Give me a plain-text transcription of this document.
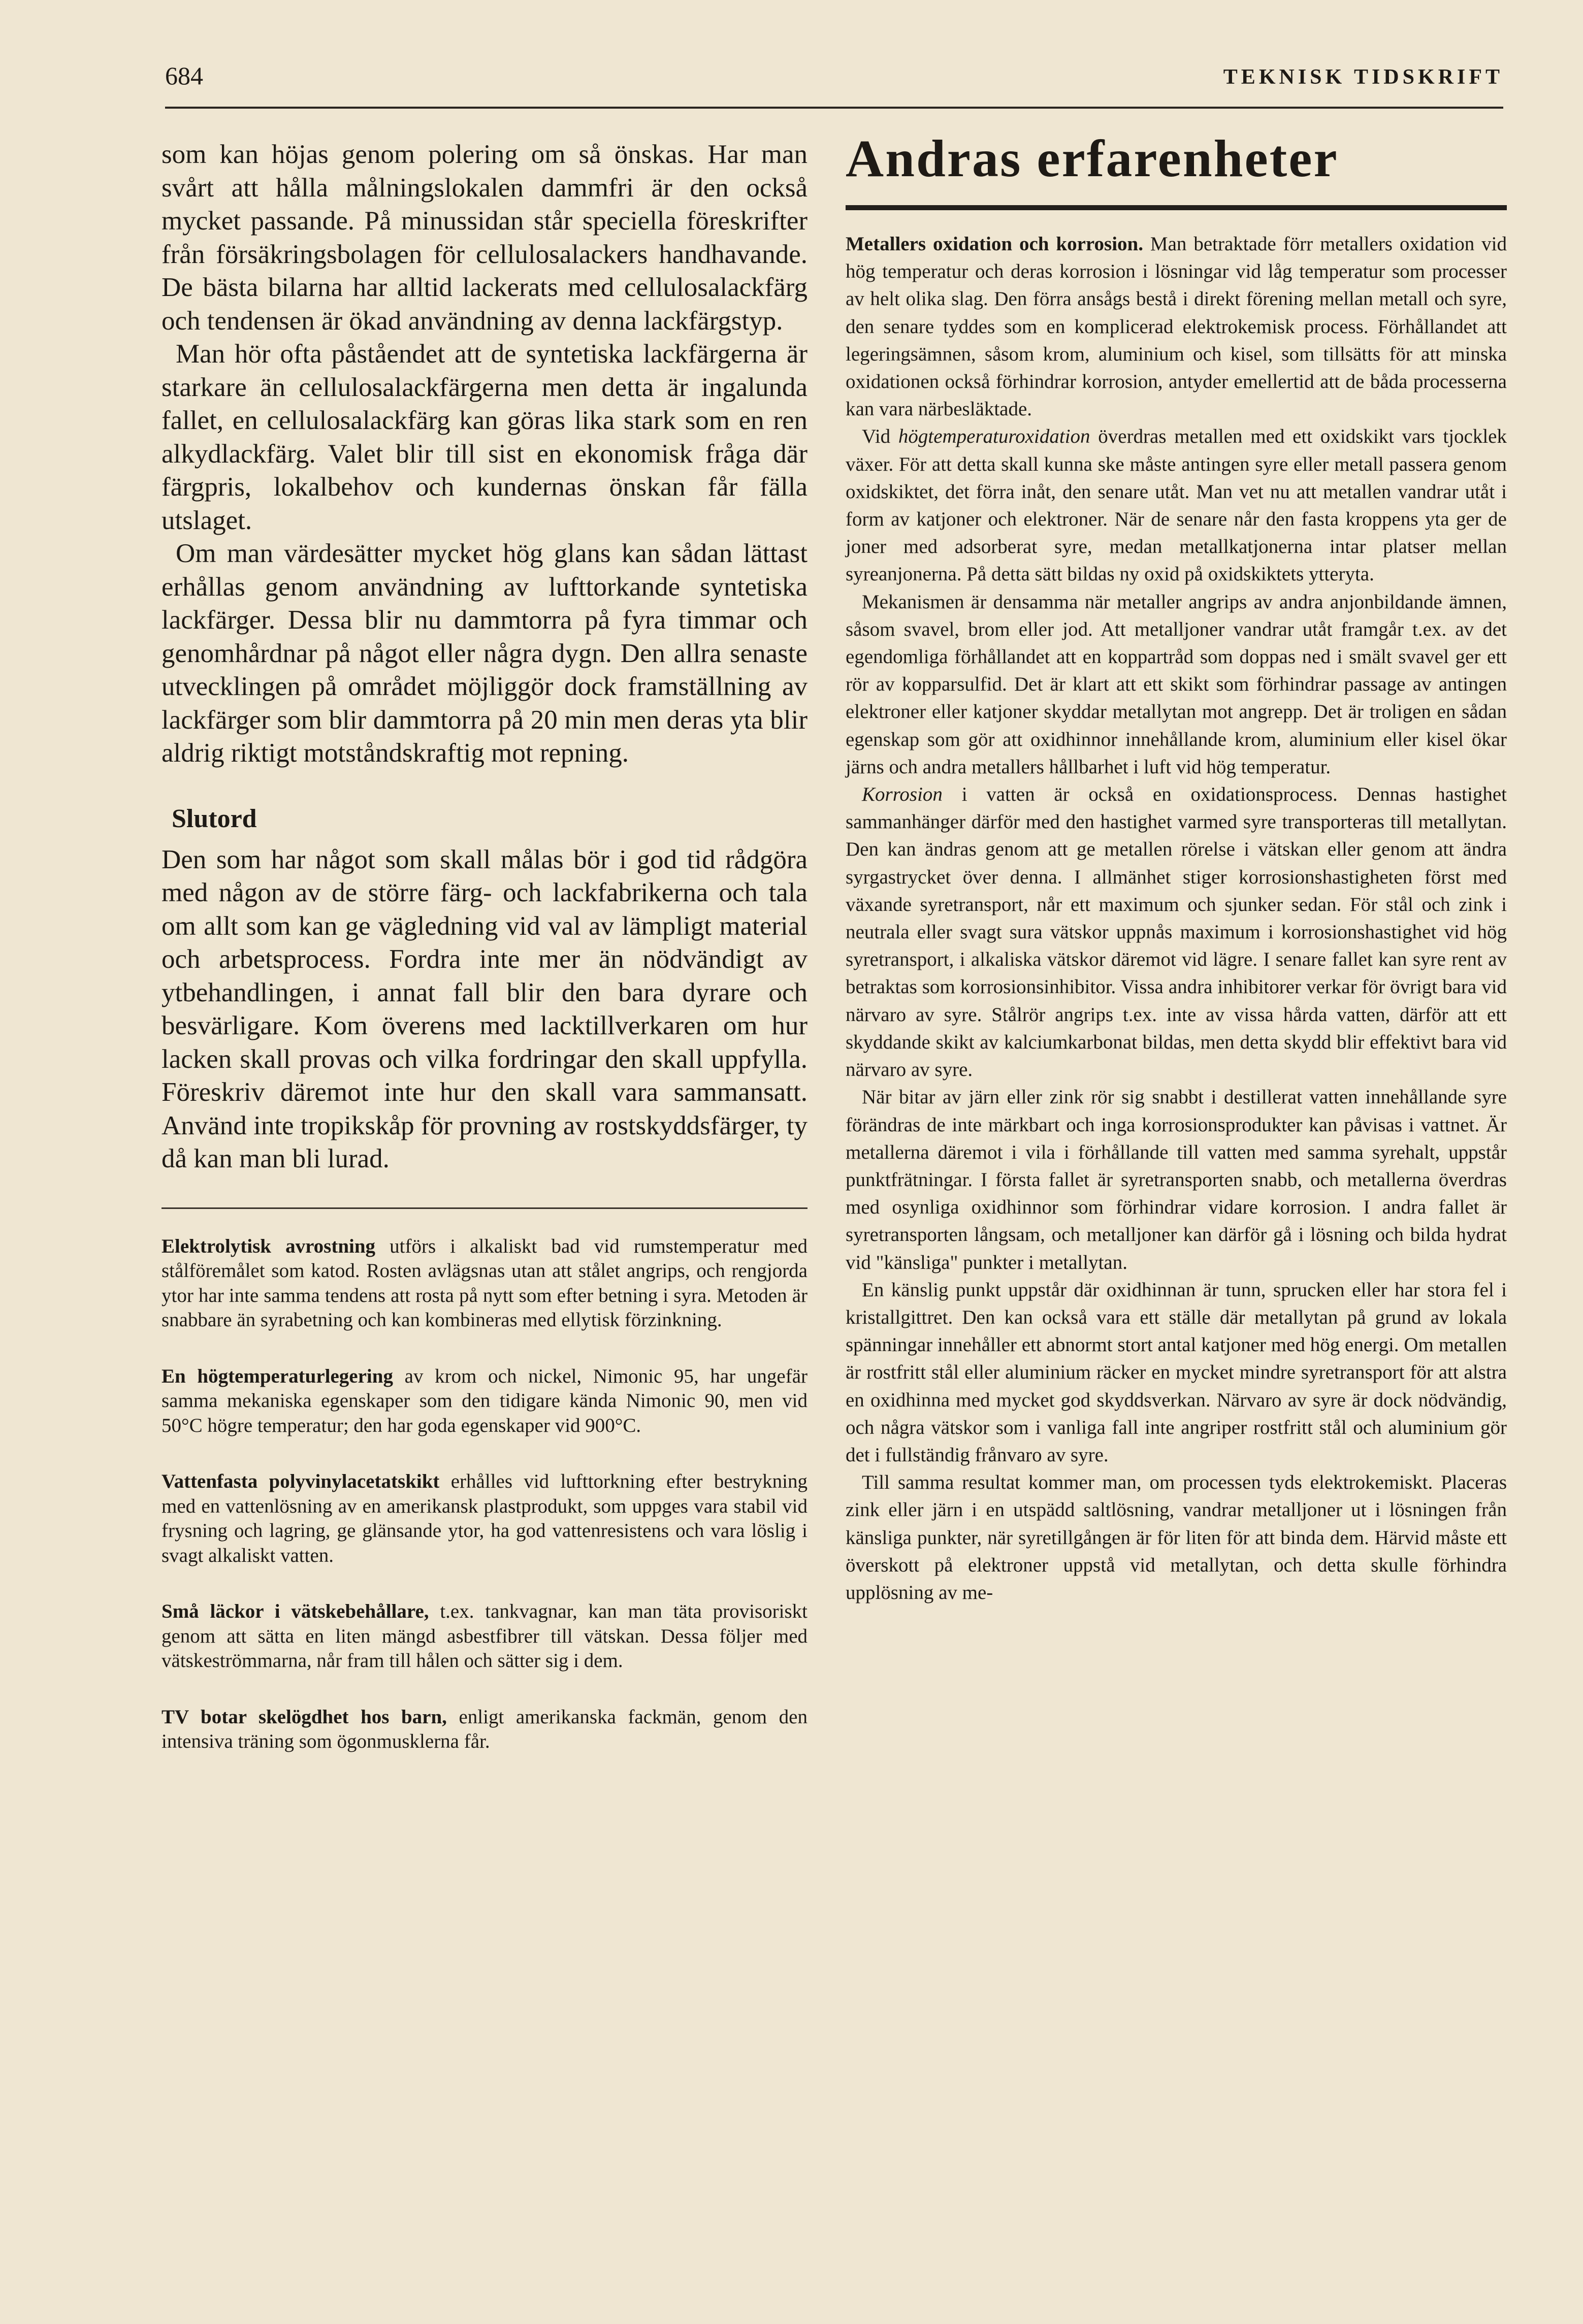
684	TEKNISK TIDSKRIFT

som kan höjas genom polering om så önskas. Har man svårt att hålla målningslokalen dammfri är den också mycket passande. På minussidan står speciella föreskrifter från försäkringsbolagen för cellulosalackers handhavande. De bästa bilarna har alltid lackerats med cellulosalackfärg och tendensen är ökad användning av denna lackfärgstyp.

Man hör ofta påståendet att de syntetiska lackfärgerna är starkare än cellulosalackfärgerna men detta är ingalunda fallet, en cellulosalackfärg kan göras lika stark som en ren alkydlackfärg. Valet blir till sist en ekonomisk fråga där färgpris, lokalbehov och kundernas önskan får fälla utslaget.

Om man värdesätter mycket hög glans kan sådan lättast erhållas genom användning av lufttorkande syntetiska lackfärger. Dessa blir nu dammtorra på fyra timmar och genomhårdnar på något eller några dygn. Den allra senaste utvecklingen på området möjliggör dock framställning av lackfärger som blir dammtorra på 20 min men deras yta blir aldrig riktigt motståndskraftig mot repning.

Slutord

Den som har något som skall målas bör i god tid rådgöra med någon av de större färg- och lackfabrikerna och tala om allt som kan ge vägledning vid val av lämpligt material och arbetsprocess. Fordra inte mer än nödvändigt av ytbehandlingen, i annat fall blir den bara dyrare och besvärligare. Kom överens med lacktillverkaren om hur lacken skall provas och vilka fordringar den skall uppfylla. Föreskriv däremot inte hur den skall vara sammansatt. Använd inte tropikskåp för provning av rostskyddsfärger, ty då kan man bli lurad.

Elektrolytisk avrostning utförs i alkaliskt bad vid rumstemperatur med stålföremålet som katod. Rosten avlägsnas utan att stålet angrips, och rengjorda ytor har inte samma tendens att rosta på nytt som efter betning i syra. Metoden är snabbare än syrabetning och kan kombineras med ellytisk förzinkning.

En högtemperaturlegering av krom och nickel, Nimonic 95, har ungefär samma mekaniska egenskaper som den tidigare kända Nimonic 90, men vid 50°C högre temperatur; den har goda egenskaper vid 900°C.

Vattenfasta polyvinylacetatskikt erhålles vid lufttorkning efter bestrykning med en vattenlösning av en amerikansk plastprodukt, som uppges vara stabil vid frysning och lagring, ge glänsande ytor, ha god vattenresistens och vara löslig i svagt alkaliskt vatten.

Små läckor i vätskebehållare, t.ex. tankvagnar, kan man täta provisoriskt genom att sätta en liten mängd asbestfibrer till vätskan. Dessa följer med vätskeströmmarna, når fram till hålen och sätter sig i dem.

TV botar skelögdhet hos barn, enligt amerikanska fackmän, genom den intensiva träning som ögonmusklerna får.

Andras erfarenheter

Metallers oxidation och korrosion. Man betraktade förr metallers oxidation vid hög temperatur och deras korrosion i lösningar vid låg temperatur som processer av helt olika slag. Den förra ansågs bestå i direkt förening mellan metall och syre, den senare tyddes som en komplicerad elektrokemisk process. Förhållandet att legeringsämnen, såsom krom, aluminium och kisel, som tillsätts för att minska oxidationen också förhindrar korrosion, antyder emellertid att de båda processerna kan vara närbesläktade.

Vid högtemperaturoxidation överdras metallen med ett oxidskikt vars tjocklek växer. För att detta skall kunna ske måste antingen syre eller metall passera genom oxidskiktet, det förra inåt, den senare utåt. Man vet nu att metallen vandrar utåt i form av katjoner och elektroner. När de senare når den fasta kroppens yta ger de joner med adsorberat syre, medan metallkatjonerna intar platser mellan syreanjonerna. På detta sätt bildas ny oxid på oxidskiktets ytteryta.

Mekanismen är densamma när metaller angrips av andra anjonbildande ämnen, såsom svavel, brom eller jod. Att metalljoner vandrar utåt framgår t.ex. av det egendomliga förhållandet att en koppartråd som doppas ned i smält svavel ger ett rör av kopparsulfid. Det är klart att ett skikt som förhindrar passage av antingen elektroner eller katjoner skyddar metallytan mot angrepp. Det är troligen en sådan egenskap som gör att oxidhinnor innehållande krom, aluminium eller kisel ökar järns och andra metallers hållbarhet i luft vid hög temperatur.

Korrosion i vatten är också en oxidationsprocess. Dennas hastighet sammanhänger därför med den hastighet varmed syre transporteras till metallytan. Den kan ändras genom att ge metallen rörelse i vätskan eller genom att ändra syrgastrycket över denna. I allmänhet stiger korrosionshastigheten först med växande syretransport, når ett maximum och sjunker sedan. För stål och zink i neutrala eller svagt sura vätskor uppnås maximum i korrosionshastighet vid hög syretransport, i alkaliska vätskor däremot vid lägre. I senare fallet kan syre rent av betraktas som korrosionsinhibitor. Vissa andra inhibitorer verkar för övrigt bara vid närvaro av syre. Stålrör angrips t.ex. inte av vissa hårda vatten, därför att ett skyddande skikt av kalciumkarbonat bildas, men detta skydd blir effektivt bara vid närvaro av syre.

När bitar av järn eller zink rör sig snabbt i destillerat vatten innehållande syre förändras de inte märkbart och inga korrosionsprodukter kan påvisas i vattnet. Är metallerna däremot i vila i förhållande till vatten med samma syrehalt, uppstår punktfrätningar. I första fallet är syretransporten snabb, och metallerna överdras med osynliga oxidhinnor som förhindrar vidare korrosion. I andra fallet är syretransporten långsam, och metalljoner kan därför gå i lösning och bilda hydrat vid "känsliga" punkter i metallytan.

En känslig punkt uppstår där oxidhinnan är tunn, sprucken eller har stora fel i kristallgittret. Den kan också vara ett ställe där metallytan på grund av lokala spänningar innehåller ett abnormt stort antal katjoner med hög energi. Om metallen är rostfritt stål eller aluminium räcker en mycket mindre syretransport för att alstra en oxidhinna med mycket god skyddsverkan. Närvaro av syre är dock nödvändig, och några vätskor som i vanliga fall inte angriper rostfritt stål och aluminium gör det i fullständig frånvaro av syre.

Till samma resultat kommer man, om processen tyds elektrokemiskt. Placeras zink eller järn i en utspädd saltlösning, vandrar metalljoner ut i lösningen från känsliga punkter, när syretillgången är för liten för att binda dem. Härvid måste ett överskott på elektroner uppstå vid metallytan, och detta skulle förhindra upplösning av me-
